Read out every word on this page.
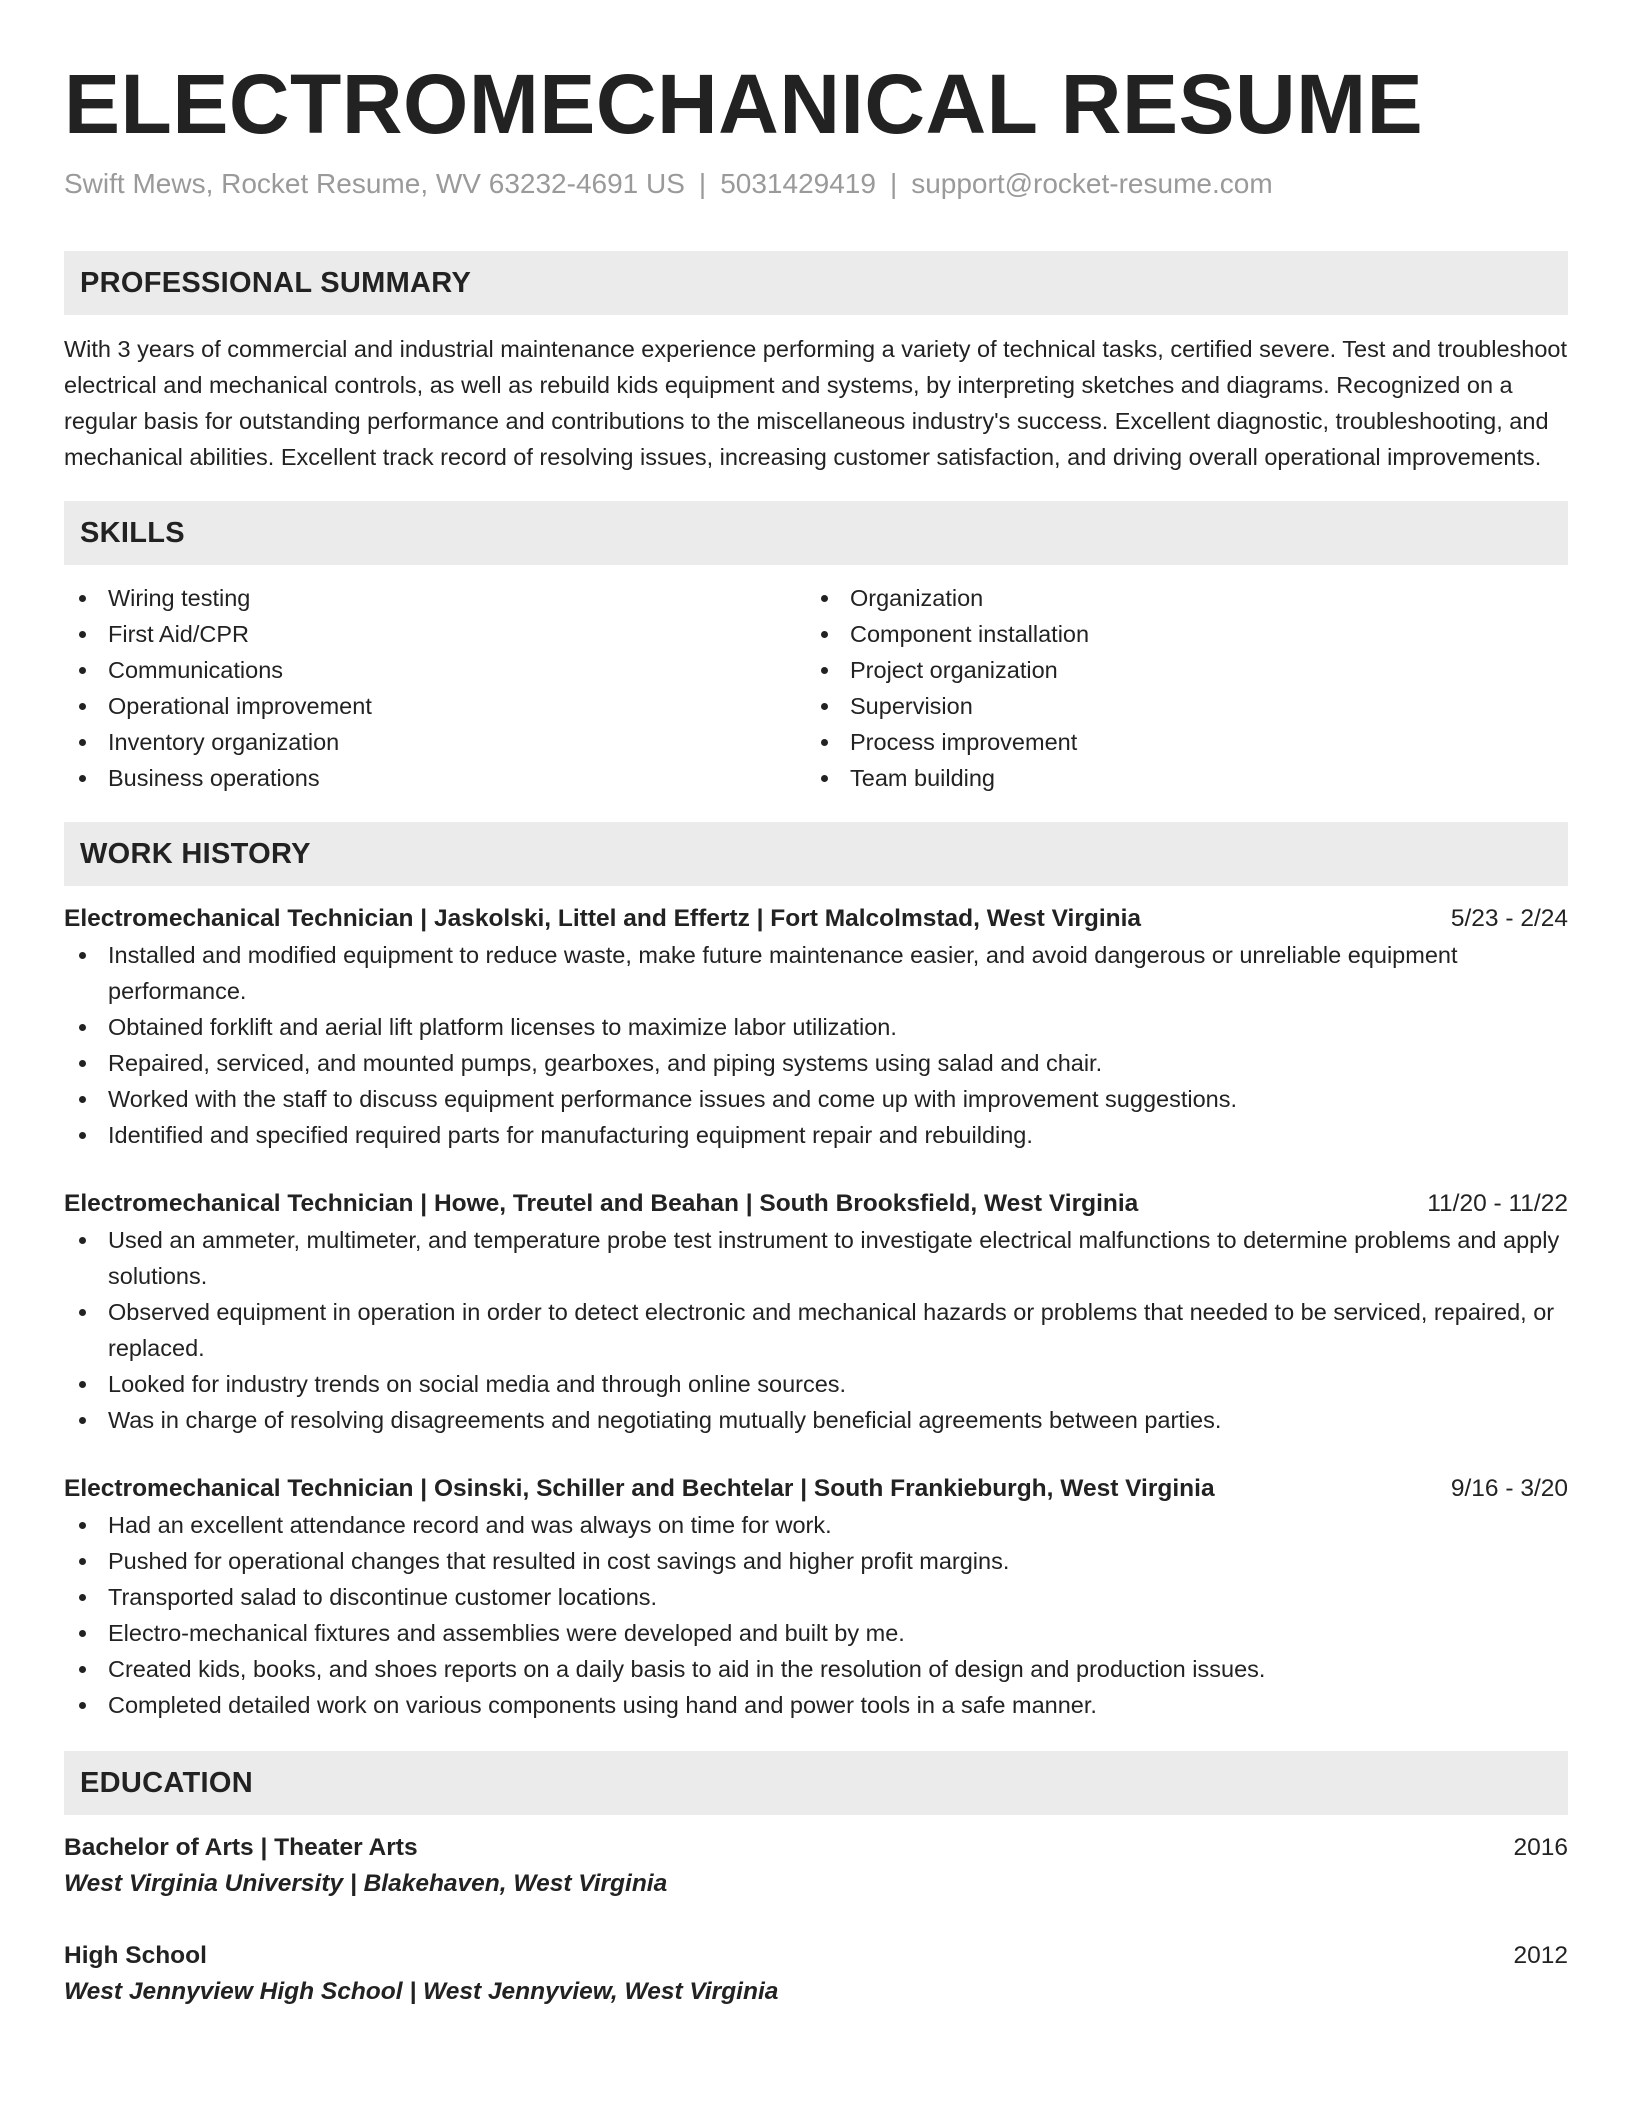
ELECTROMECHANICAL RESUME
Swift Mews, Rocket Resume, WV 63232-4691 US | 5031429419 | support@rocket-resume.com
PROFESSIONAL SUMMARY
With 3 years of commercial and industrial maintenance experience performing a variety of technical tasks, certified severe. Test and troubleshoot electrical and mechanical controls, as well as rebuild kids equipment and systems, by interpreting sketches and diagrams. Recognized on a regular basis for outstanding performance and contributions to the miscellaneous industry's success. Excellent diagnostic, troubleshooting, and mechanical abilities. Excellent track record of resolving issues, increasing customer satisfaction, and driving overall operational improvements.
SKILLS
Wiring testing
First Aid/CPR
Communications
Operational improvement
Inventory organization
Business operations
Organization
Component installation
Project organization
Supervision
Process improvement
Team building
WORK HISTORY
Electromechanical Technician | Jaskolski, Littel and Effertz | Fort Malcolmstad, West Virginia	5/23 - 2/24
Installed and modified equipment to reduce waste, make future maintenance easier, and avoid dangerous or unreliable equipment performance.
Obtained forklift and aerial lift platform licenses to maximize labor utilization.
Repaired, serviced, and mounted pumps, gearboxes, and piping systems using salad and chair.
Worked with the staff to discuss equipment performance issues and come up with improvement suggestions.
Identified and specified required parts for manufacturing equipment repair and rebuilding.
Electromechanical Technician | Howe, Treutel and Beahan | South Brooksfield, West Virginia	11/20 - 11/22
Used an ammeter, multimeter, and temperature probe test instrument to investigate electrical malfunctions to determine problems and apply solutions.
Observed equipment in operation in order to detect electronic and mechanical hazards or problems that needed to be serviced, repaired, or replaced.
Looked for industry trends on social media and through online sources.
Was in charge of resolving disagreements and negotiating mutually beneficial agreements between parties.
Electromechanical Technician | Osinski, Schiller and Bechtelar | South Frankieburgh, West Virginia	9/16 - 3/20
Had an excellent attendance record and was always on time for work.
Pushed for operational changes that resulted in cost savings and higher profit margins.
Transported salad to discontinue customer locations.
Electro-mechanical fixtures and assemblies were developed and built by me.
Created kids, books, and shoes reports on a daily basis to aid in the resolution of design and production issues.
Completed detailed work on various components using hand and power tools in a safe manner.
EDUCATION
Bachelor of Arts | Theater Arts	2016
West Virginia University | Blakehaven, West Virginia
High School	2012
West Jennyview High School | West Jennyview, West Virginia
